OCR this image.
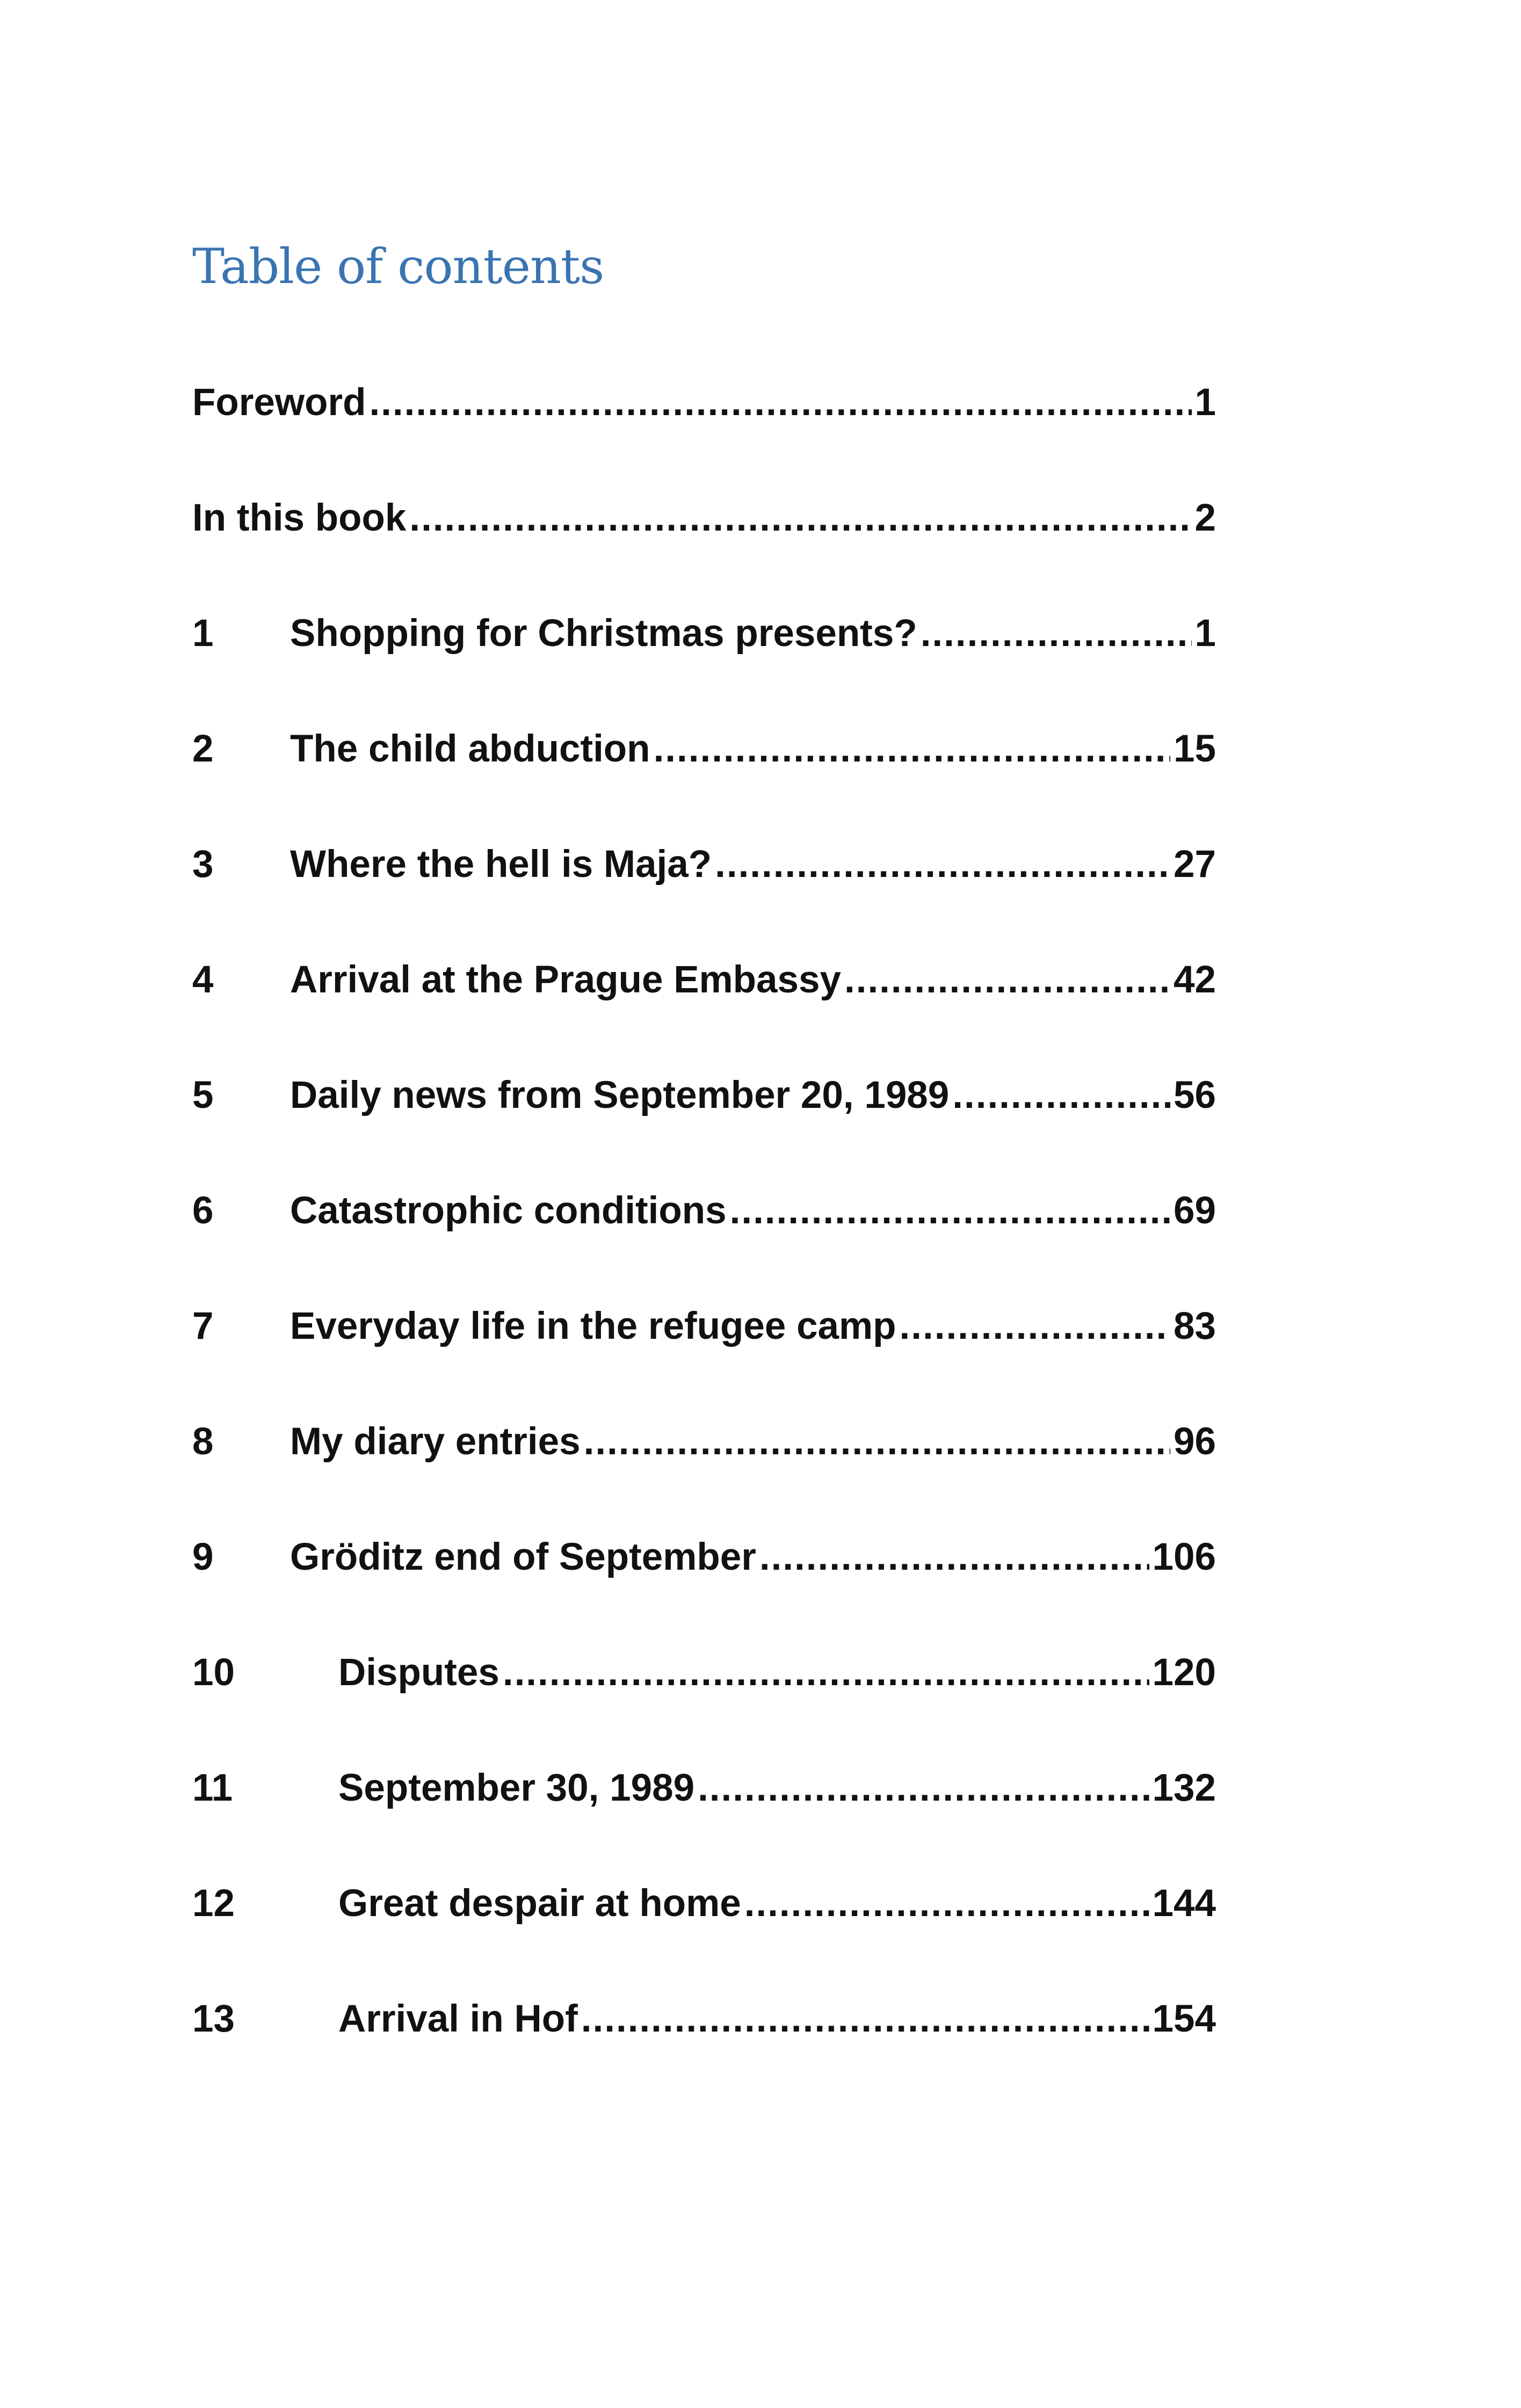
Table of contents
Foreword .....	1
In this book .....	2
1	Shopping for Christmas presents? .....	1
2	The child abduction .....	15
3	Where the hell is Maja? .....	27
4	Arrival at the Prague Embassy .....	42
5	Daily news from September 20, 1989 .....	56
6	Catastrophic conditions .....	69
7	Everyday life in the refugee camp .....	83
8	My diary entries .....	96
9	Gröditz end of September .....	106
10	Disputes .....	120
11	September 30, 1989 .....	132
12	Great despair at home .....	144
13	Arrival in Hof .....	154
